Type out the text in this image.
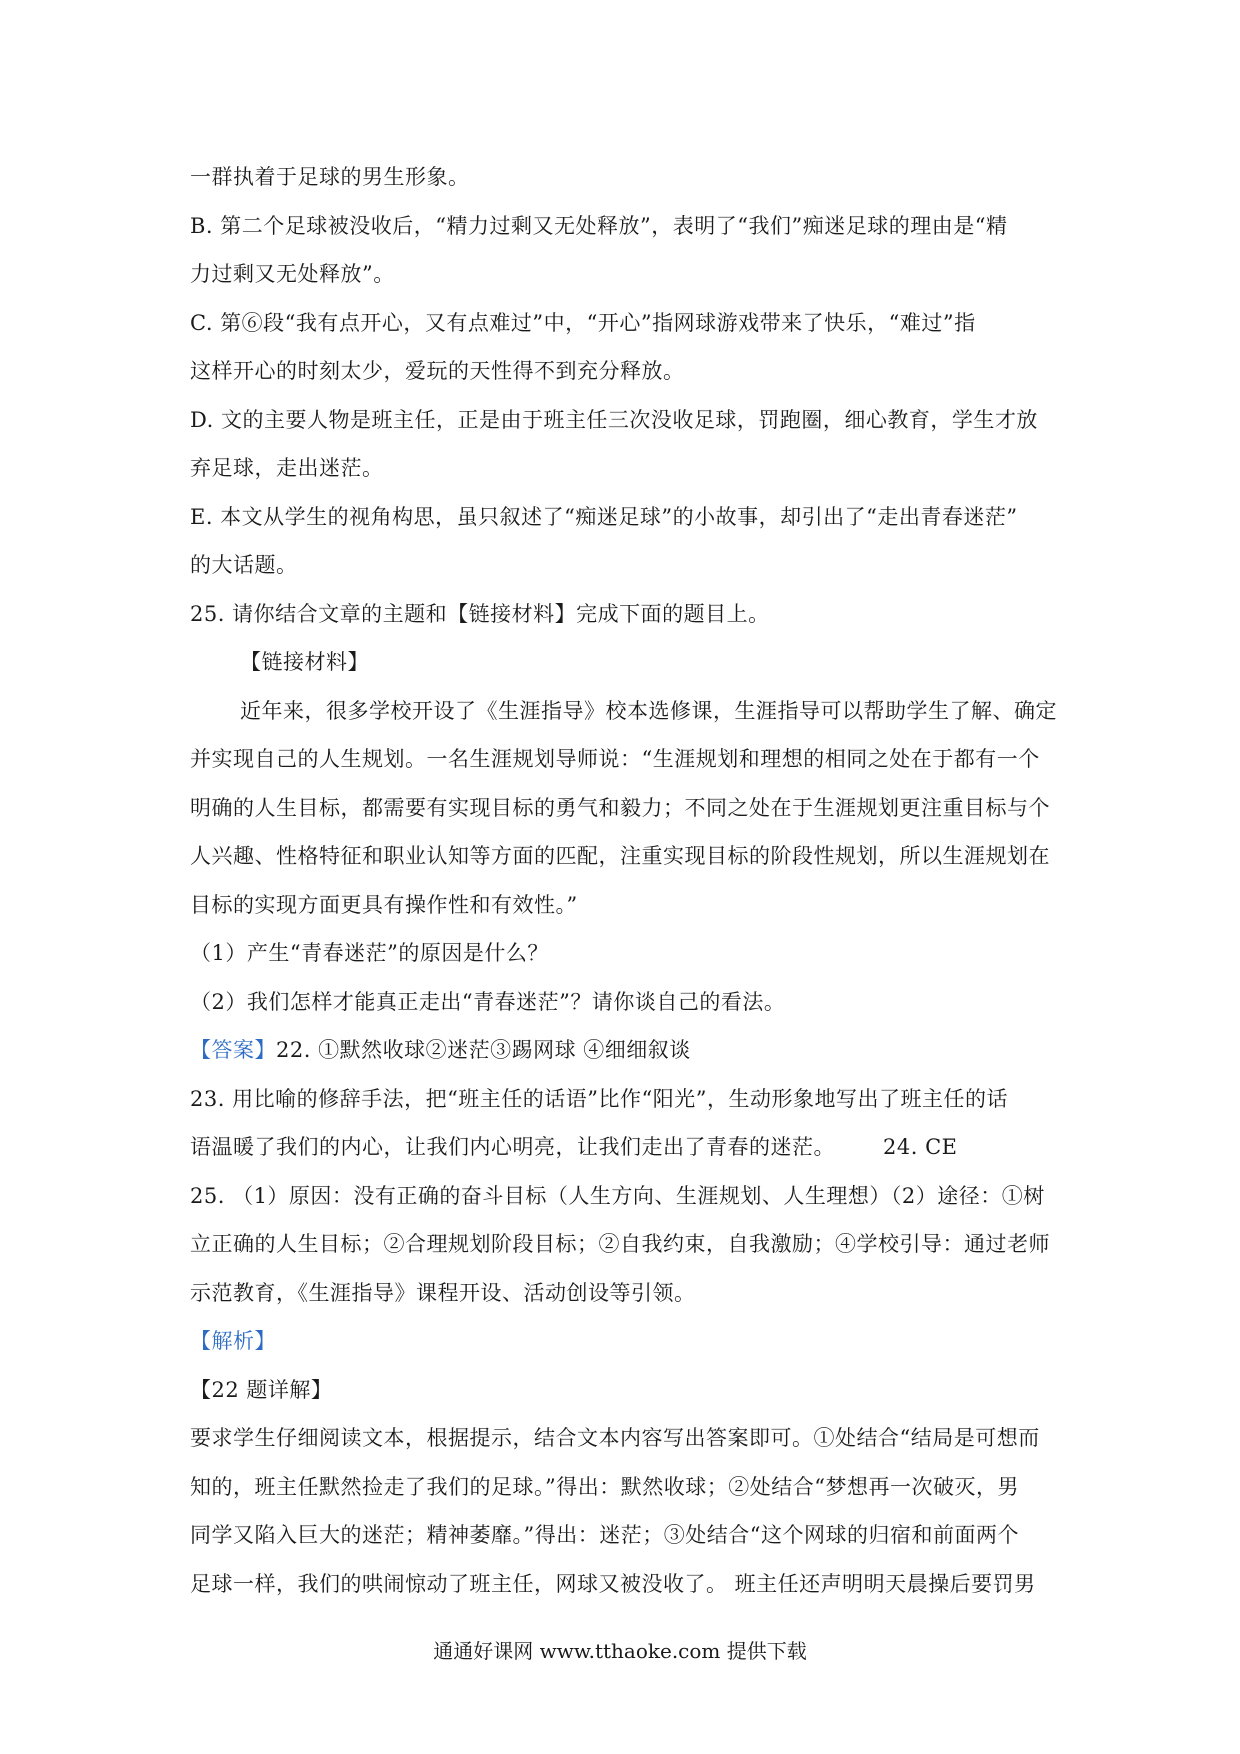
一群执着于足球的男生形象。
B. 第二个足球被没收后，“精力过剩又无处释放”，表明了“我们”痴迷足球的理由是“精
力过剩又无处释放”。
C. 第⑥段“我有点开心，又有点难过”中，“开心”指网球游戏带来了快乐，“难过”指
这样开心的时刻太少，爱玩的天性得不到充分释放。
D. 文的主要人物是班主任，正是由于班主任三次没收足球，罚跑圈，细心教育，学生才放
弃足球，走出迷茫。
E. 本文从学生的视角构思，虽只叙述了“痴迷足球”的小故事，却引出了“走出青春迷茫”
的大话题。
25. 请你结合文章的主题和【链接材料】完成下面的题目上。
【链接材料】
近年来，很多学校开设了《生涯指导》校本选修课，生涯指导可以帮助学生了解、确定
并实现自己的人生规划。一名生涯规划导师说：“生涯规划和理想的相同之处在于都有一个
明确的人生目标，都需要有实现目标的勇气和毅力；不同之处在于生涯规划更注重目标与个
人兴趣、性格特征和职业认知等方面的匹配，注重实现目标的阶段性规划，所以生涯规划在
目标的实现方面更具有操作性和有效性。”
（1）产生“青春迷茫”的原因是什么？
（2）我们怎样才能真正走出“青春迷茫”？请你谈自己的看法。
【答案】22. ①默然收球②迷茫③踢网球 ④细细叙谈
23. 用比喻的修辞手法，把“班主任的话语”比作“阳光”，生动形象地写出了班主任的话
语温暖了我们的内心，让我们内心明亮，让我们走出了青春的迷茫。 24. CE
25. （1）原因：没有正确的奋斗目标（人生方向、生涯规划、人生理想）（2）途径：①树
立正确的人生目标；②合理规划阶段目标；②自我约束，自我激励；④学校引导：通过老师
示范教育，《生涯指导》课程开设、活动创设等引领。
【解析】
【22 题详解】
要求学生仔细阅读文本，根据提示，结合文本内容写出答案即可。①处结合“结局是可想而
知的，班主任默然捡走了我们的足球。”得出：默然收球；②处结合“梦想再一次破灭，男
同学又陷入巨大的迷茫；精神萎靡。”得出：迷茫；③处结合“这个网球的归宿和前面两个
足球一样，我们的哄闹惊动了班主任，网球又被没收了。 班主任还声明明天晨操后要罚男
通通好课网 www.tthaoke.com 提供下载
